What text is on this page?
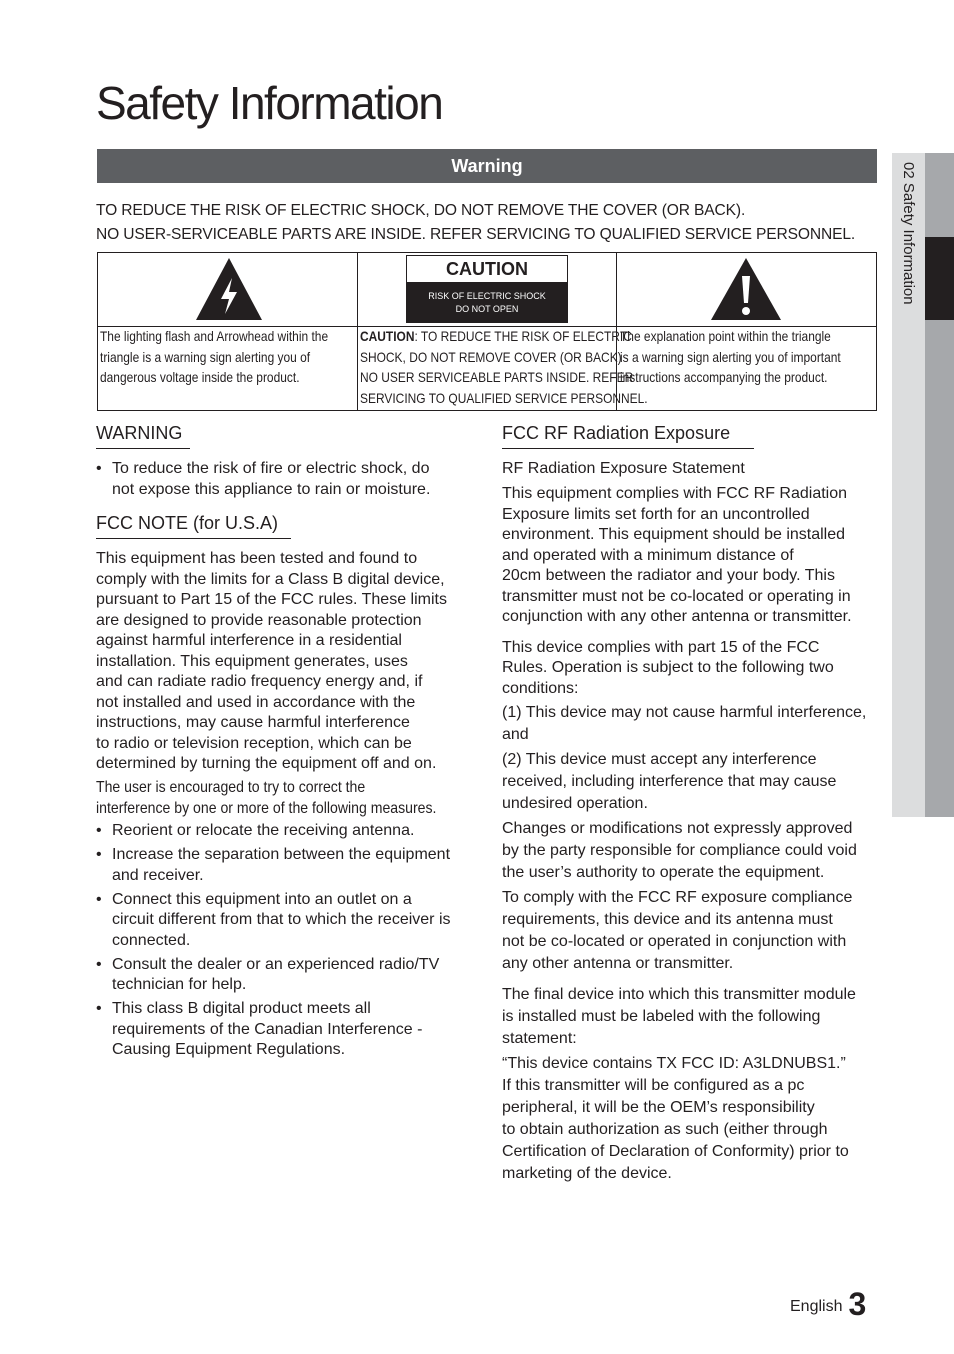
Safety Information
Warning
TO REDUCE THE RISK OF ELECTRIC SHOCK, DO NOT REMOVE THE COVER (OR BACK).
NO USER-SERVICEABLE PARTS ARE INSIDE. REFER SERVICING TO QUALIFIED SERVICE PERSONNEL.
CAUTION
RISK OF ELECTRIC SHOCK
DO NOT OPEN
The lighting flash and Arrowhead within the
triangle is a warning sign alerting you of
dangerous voltage inside the product.
CAUTION: TO REDUCE THE RISK OF ELECTRIC
SHOCK, DO NOT REMOVE COVER (OR BACK)
NO USER SERVICEABLE PARTS INSIDE. REFER
SERVICING TO QUALIFIED SERVICE PERSONNEL.
The explanation point within the triangle
is a warning sign alerting you of important
instructions accompanying the product.
WARNING
• To reduce the risk of fire or electric shock, do
not expose this appliance to rain or moisture.
FCC NOTE (for U.S.A)
This equipment has been tested and found to
comply with the limits for a Class B digital device,
pursuant to Part 15 of the FCC rules. These limits
are designed to provide reasonable protection
against harmful interference in a residential
installation. This equipment generates, uses
and can radiate radio frequency energy and, if
not installed and used in accordance with the
instructions, may cause harmful interference
to radio or television reception, which can be
determined by turning the equipment off and on.
The user is encouraged to try to correct the
interference by one or more of the following measures.
• Reorient or relocate the receiving antenna.
• Increase the separation between the equipment
and receiver.
• Connect this equipment into an outlet on a
circuit different from that to which the receiver is
connected.
• Consult the dealer or an experienced radio/TV
technician for help.
• This class B digital product meets all
requirements of the Canadian Interference -
Causing Equipment Regulations.
FCC RF Radiation Exposure
RF Radiation Exposure Statement
This equipment complies with FCC RF Radiation
Exposure limits set forth for an uncontrolled
environment. This equipment should be installed
and operated with a minimum distance of
20cm between the radiator and your body. This
transmitter must not be co-located or operating in
conjunction with any other antenna or transmitter.
This device complies with part 15 of the FCC
Rules. Operation is subject to the following two
conditions:
(1) This device may not cause harmful interference,
and
(2) This device must accept any interference
received, including interference that may cause
undesired operation.
Changes or modifications not expressly approved
by the party responsible for compliance could void
the user’s authority to operate the equipment.
To comply with the FCC RF exposure compliance
requirements, this device and its antenna must
not be co-located or operated in conjunction with
any other antenna or transmitter.
The final device into which this transmitter module
is installed must be labeled with the following
statement:
“This device contains TX FCC ID: A3LDNUBS1.”
If this transmitter will be configured as a pc
peripheral, it will be the OEM’s responsibility
to obtain authorization as such (either through
Certification of Declaration of Conformity) prior to
marketing of the device.
02 Safety Information
English 3
